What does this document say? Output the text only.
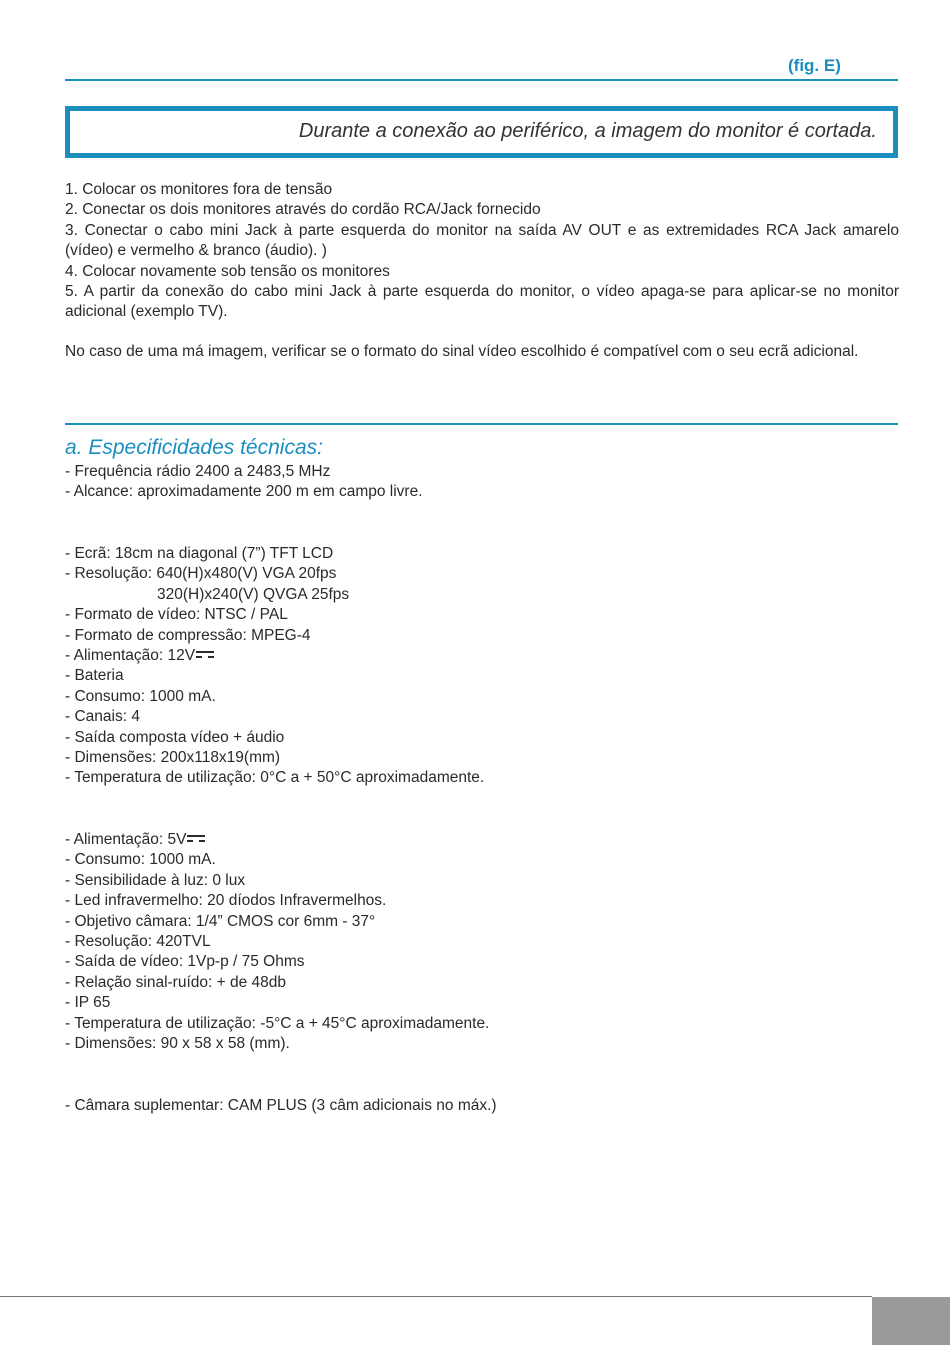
(fig. E)
Durante a conexão ao periférico, a imagem do monitor é cortada.

1. Colocar os monitores fora de tensão

2. Conectar os dois monitores através do cordão RCA/Jack fornecido

3. Conectar o cabo mini Jack à parte esquerda do monitor na saída AV OUT e as extremidades RCA Jack amarelo (vídeo) e vermelho & branco (áudio). )

4. Colocar novamente sob tensão os monitores

5. A partir da conexão do cabo mini Jack à parte esquerda do monitor, o vídeo apaga-se para aplicar-se no monitor adicional (exemplo TV).

No caso de uma má imagem, verificar se o formato do sinal vídeo escolhido é compatível com o seu ecrã adicional.
a. Especificidades técnicas:
- Frequência rádio 2400 a 2483,5 MHz
- Alcance: aproximadamente 200 m em campo livre.
- Ecrã: 18cm na diagonal (7”) TFT LCD
- Resolução: 640(H)x480(V) VGA 20fps
320(H)x240(V) QVGA 25fps
- Formato de vídeo: NTSC / PAL
- Formato de compressão: MPEG-4
- Alimentação: 12V
- Bateria
- Consumo: 1000 mA.
- Canais: 4
- Saída composta vídeo + áudio
- Dimensões: 200x118x19(mm)
- Temperatura de utilização: 0°C a + 50°C aproximadamente.
- Alimentação: 5V
- Consumo: 1000 mA.
- Sensibilidade à luz: 0 lux
- Led infravermelho: 20 díodos Infravermelhos.
- Objetivo câmara: 1/4” CMOS cor 6mm - 37°
- Resolução: 420TVL
- Saída de vídeo: 1Vp-p / 75 Ohms
- Relação sinal-ruído: + de 48db
- IP 65
- Temperatura de utilização: -5°C a + 45°C aproximadamente.
- Dimensões: 90 x 58 x 58 (mm).
- Câmara suplementar: CAM PLUS (3 câm adicionais no máx.)
